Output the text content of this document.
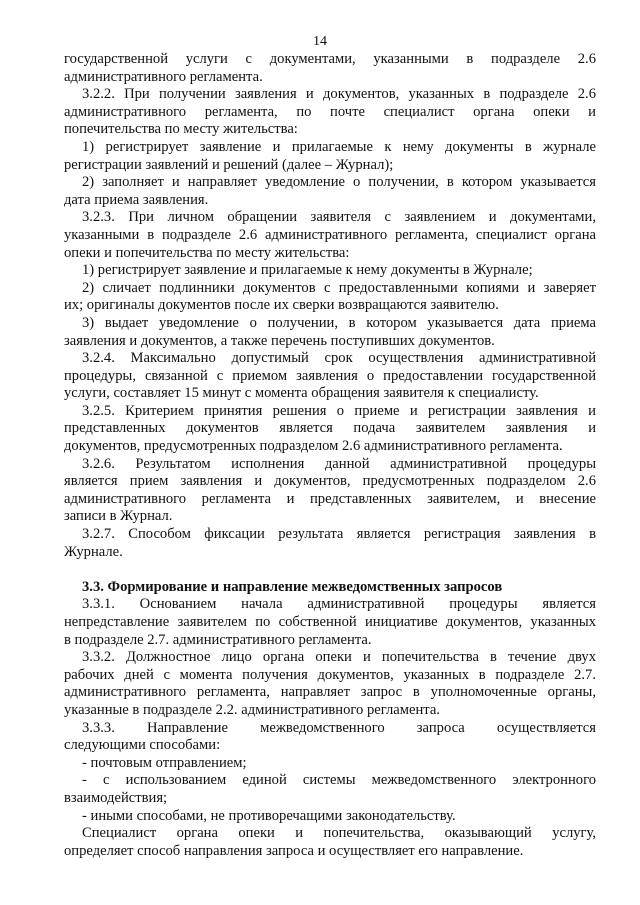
14

государственной услуги с документами, указанными в подразделе 2.6
административного регламента.

3.2.2. При получении заявления и документов, указанных в подразделе 2.6
административного регламента, по почте специалист органа опеки и
попечительства по месту жительства:

1) регистрирует заявление и прилагаемые к нему документы в журнале
регистрации заявлений и решений (далее – Журнал);

2) заполняет и направляет уведомление о получении, в котором указывается
дата приема заявления.

3.2.3. При личном обращении заявителя с заявлением и документами,
указанными в подразделе 2.6 административного регламента, специалист органа
опеки и попечительства по месту жительства:

1) регистрирует заявление и прилагаемые к нему документы в Журнале;

2) сличает подлинники документов с предоставленными копиями и заверяет
их; оригиналы документов после их сверки возвращаются заявителю.

3) выдает уведомление о получении, в котором указывается дата приема
заявления и документов, а также перечень поступивших документов.

3.2.4. Максимально допустимый срок осуществления административной
процедуры, связанной с приемом заявления о предоставлении государственной
услуги, составляет 15 минут с момента обращения заявителя к специалисту.

3.2.5. Критерием принятия решения о приеме и регистрации заявления и
представленных документов является подача заявителем заявления и
документов, предусмотренных подразделом 2.6 административного регламента.

3.2.6. Результатом исполнения данной административной процедуры
является прием заявления и документов, предусмотренных подразделом 2.6
административного регламента и представленных заявителем, и внесение
записи в Журнал.

3.2.7. Способом фиксации результата является регистрация заявления в
Журнале.

3.3. Формирование и направление межведомственных запросов

3.3.1. Основанием начала административной процедуры является
непредставление заявителем по собственной инициативе документов, указанных
в подразделе 2.7. административного регламента.

3.3.2. Должностное лицо органа опеки и попечительства в течение двух
рабочих дней с момента получения документов, указанных в подразделе 2.7.
административного регламента, направляет запрос в уполномоченные органы,
указанные в подразделе 2.2. административного регламента.

3.3.3. Направление межведомственного запроса осуществляется
следующими способами:

- почтовым отправлением;

- с использованием единой системы межведомственного электронного
взаимодействия;

- иными способами, не противоречащими законодательству.

Специалист органа опеки и попечительства, оказывающий услугу,
определяет способ направления запроса и осуществляет его направление.
